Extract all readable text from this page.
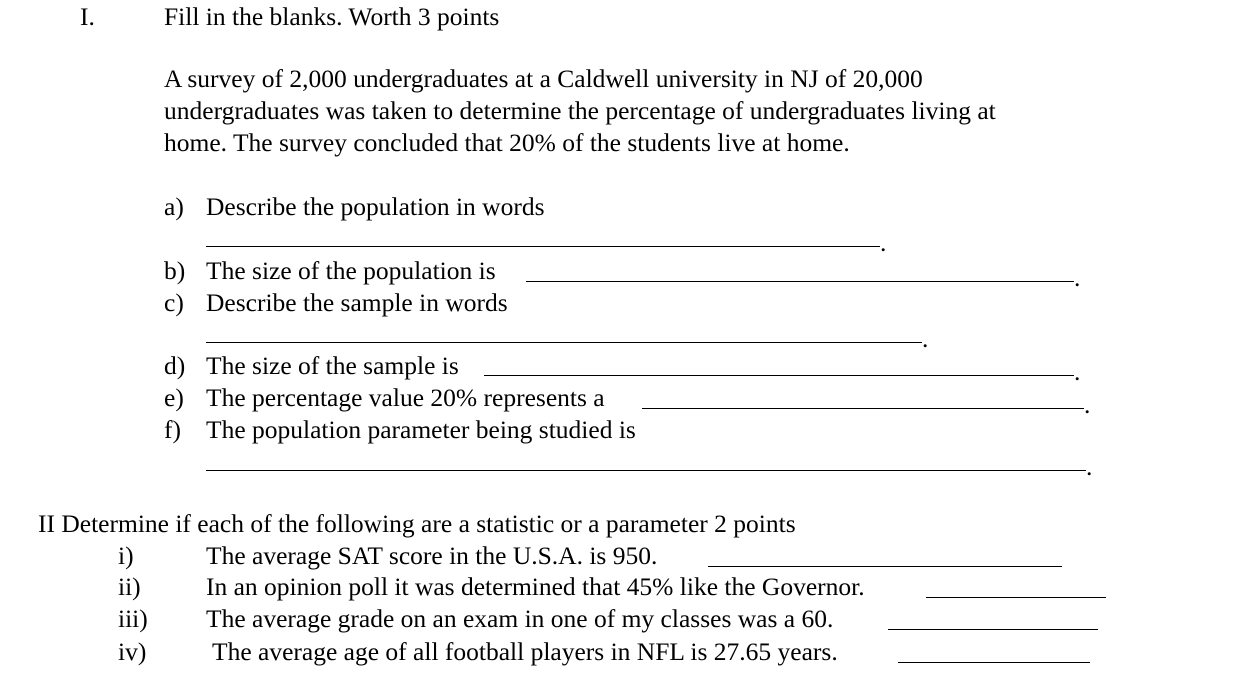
I.	Fill in the blanks. Worth 3 points
A survey of 2,000 undergraduates at a Caldwell university in NJ of 20,000
undergraduates was taken to determine the percentage of undergraduates living at
home. The survey concluded that 20% of the students live at home.
a) Describe the population in words
.
b) The size of the population is	.
c) Describe the sample in words
.
d) The size of the sample is	.
e) The percentage value 20% represents a	.
f) The population parameter being studied is
.
II Determine if each of the following are a statistic or a parameter 2 points
i)	The average SAT score in the U.S.A. is 950.
ii)	In an opinion poll it was determined that 45% like the Governor.
iii) The average grade on an exam in one of my classes was a 60.
iv)	The average age of all football players in NFL is 27.65 years.
